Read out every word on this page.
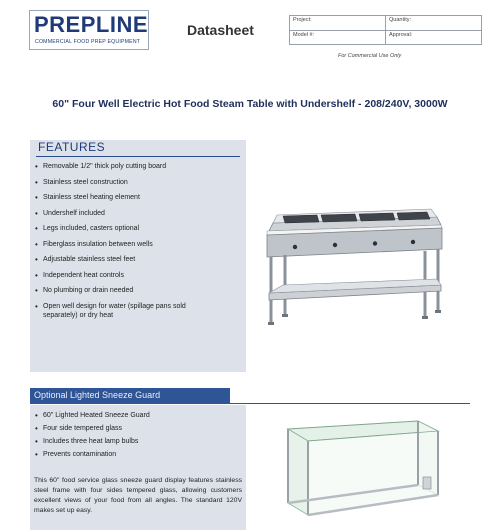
PREPLINE
COMMERCIAL FOOD PREP EQUIPMENT
Datasheet
Project:	Quantity:
Model #:	Approval:
For Commercial Use Only
60" Four Well Electric Hot Food Steam Table with Undershelf - 208/240V, 3000W
FEATURES
• Removable 1/2" thick poly cutting board
• Stainless steel construction
• Stainless steel heating element
• Undershelf included
• Legs included, casters optional
• Fiberglass insulation between wells
• Adjustable stainless steel feet
• Independent heat controls
• No plumbing or drain needed
• Open well design for water (spillage pans sold separately) or dry heat
Optional Lighted Sneeze Guard
• 60" Lighted Heated Sneeze Guard
• Four side tempered glass
• Includes three heat lamp bulbs
• Prevents contamination
This 60" food service glass sneeze guard display features stainless steel frame with four sides tempered glass, allowing customers excellent views of your food from all angles. The standard 120V makes set up easy.
